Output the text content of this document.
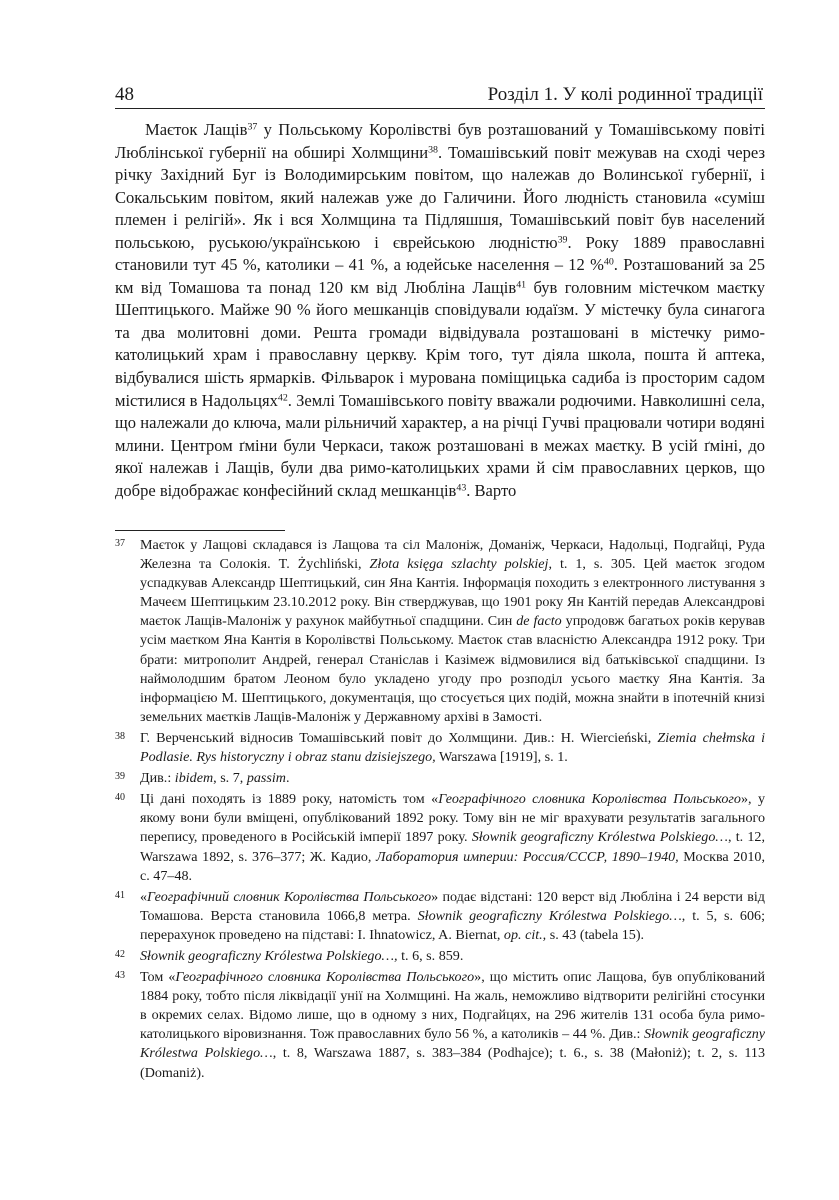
48	Розділ 1. У колі родинної традиції

Маєток Лащів$^{37}$ у Польському Королівстві був розташований у Томашівському повіті Люблінської губернії на обширі Холмщини$^{38}$. Томашівський повіт межував на сході через річку Західний Буг із Володимирським повітом, що належав до Волинської губернії, і Сокальським повітом, який належав уже до Галичини. Його людність становила «суміш племен і релігій». Як і вся Холмщина та Підляшшя, Томашівський повіт був населений польською, руською/українською і єврейською людністю$^{39}$. Року 1889 православні становили тут 45 %, католики – 41 %, а юдейське населення – 12 %$^{40}$. Розташований за 25 км від Томашова та понад 120 км від Любліна Лащів$^{41}$ був головним містечком маєтку Шептицького. Майже 90 % його мешканців сповідували юдаїзм. У містечку була синагога та два молитовні доми. Решта громади відвідувала розташовані в містечку римо-католицький храм і православну церкву. Крім того, тут діяла школа, пошта й аптека, відбувалися шість ярмарків. Фільварок і мурована поміщицька садиба із просторим садом містилися в Надольцях$^{42}$. Землі Томашівського повіту вважали родючими. Навколишні села, що належали до ключа, мали рільничий характер, а на річці Гучві працювали чотири водяні млини. Центром ґміни були Черкаси, також розташовані в межах маєтку. В усій ґміні, до якої належав і Лащів, були два римо-католицьких храми й сім православних церков, що добре відображає конфесійний склад мешканців$^{43}$. Варто

37	Маєток у Лащові складався із Лащова та сіл Малоніж, Доманіж, Черкаси, Надольці, Подгайці, Руда Железна та Солокія. T. Żychliński, Złota księga szlachty polskiej, t. 1, s. 305. Цей маєток згодом успадкував Александр Шептицький, син Яна Кантія. Інформація походить з електронного листування з Мачеєм Шептицьким 23.10.2012 року. Він стверджував, що 1901 року Ян Кантій передав Александрові маєток Лащів-Малоніж у рахунок майбутньої спадщини. Син de facto упродовж багатьох років керував усім маєтком Яна Кантія в Королівстві Польському. Маєток став власністю Александра 1912 року. Три брати: митрополит Андрей, генерал Станіслав і Казімеж відмовилися від батьківської спадщини. Із наймолодшим братом Леоном було укладено угоду про розподіл усього маєтку Яна Кантія. За інформацією М. Шептицького, документація, що стосується цих подій, можна знайти в іпотечній книзі земельних маєтків Лащів-Малоніж у Державному архіві в Замості.
38	Г. Верченський відносив Томашівський повіт до Холмщини. Див.: H. Wiercieński, Ziemia chełmska i Podlasie. Rys historyczny i obraz stanu dzisiejszego, Warszawa [1919], s. 1.
39	Див.: ibidem, s. 7, passim.
40	Ці дані походять із 1889 року, натомість том «Географічного словника Королівства Польського», у якому вони були вміщені, опублікований 1892 року. Тому він не міг врахувати результатів загального перепису, проведеного в Російській імперії 1897 року. Słownik geograficzny Królestwa Polskiego…, t. 12, Warszawa 1892, s. 376–377; Ж. Кадио, Лаборатория империи: Россия/СССР, 1890–1940, Москва 2010, с. 47–48.
41	«Географічний словник Королівства Польського» подає відстані: 120 верст від Любліна і 24 версти від Томашова. Верста становила 1066,8 метра. Słownik geograficzny Królestwa Polskiego…, t. 5, s. 606; перерахунок проведено на підставі: I. Ihnatowicz, A. Biernat, op. cit., s. 43 (tabela 15).
42	Słownik geograficzny Królestwa Polskiego…, t. 6, s. 859.
43	Том «Географічного словника Королівства Польського», що містить опис Лащова, був опублікований 1884 року, тобто після ліквідації унії на Холмщині. На жаль, неможливо відтворити релігійні стосунки в окремих селах. Відомо лише, що в одному з них, Подгайцях, на 296 жителів 131 особа була римо-католицького віровизнання. Тож православних було 56 %, а католиків – 44 %. Див.: Słownik geograficzny Królestwa Polskiego…, t. 8, Warszawa 1887, s. 383–384 (Podhajce); t. 6., s. 38 (Małoniż); t. 2, s. 113 (Domaniż).
